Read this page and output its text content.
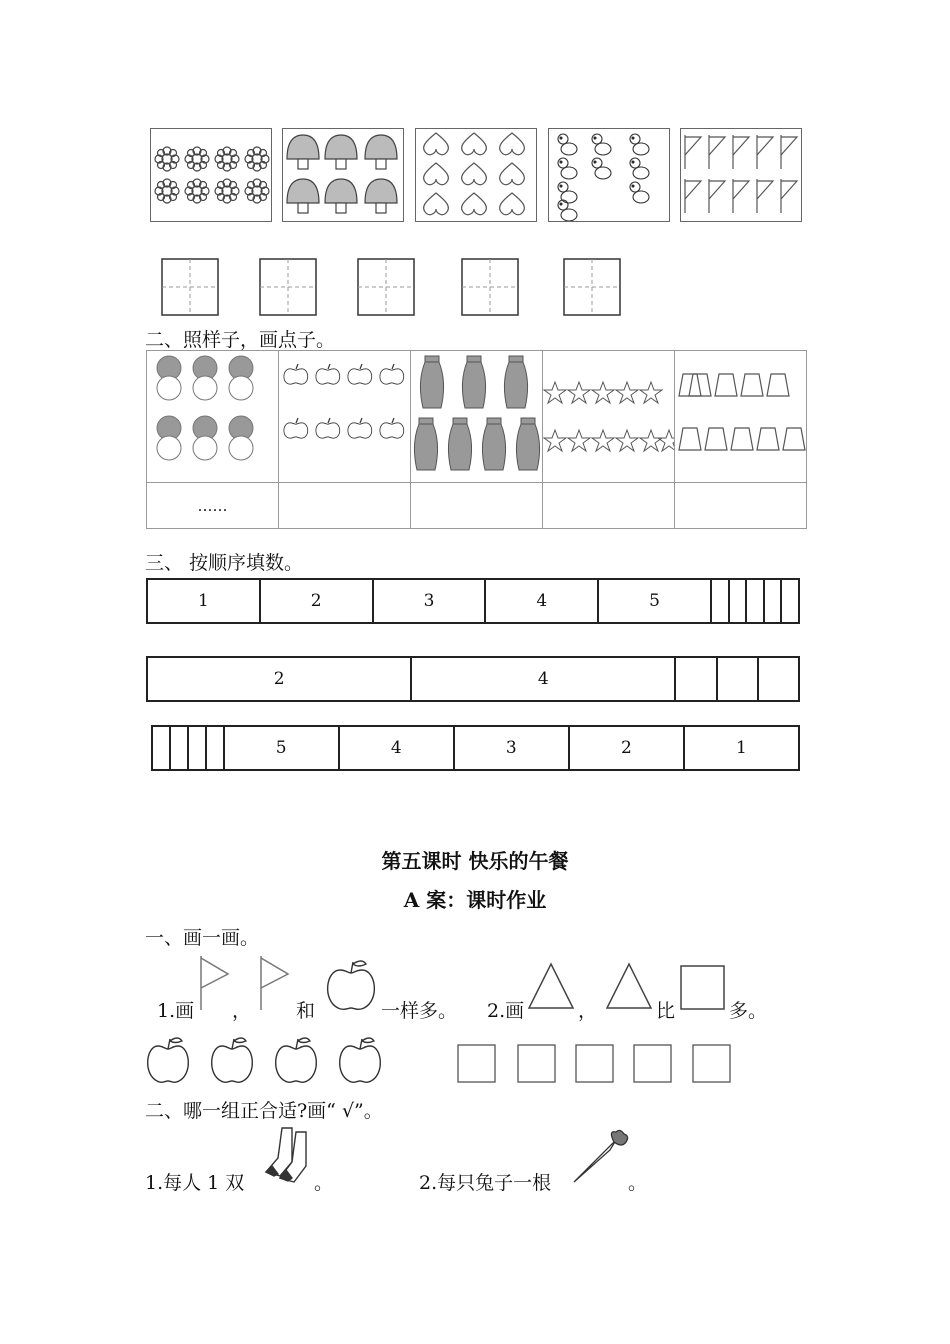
二、照样子，画点子。

……				
三、 按顺序填数。
1	2	3	4	5					
2	4			
				5	4	3	2	1
第五课时 快乐的午餐
A 案：课时作业
一、画一画。
1.画 ， 和	一样多。 2.画	，	比	多。
二、哪一组正合适?画“ √”。
1.每人 1 双	。	2.每只兔子一根	。
